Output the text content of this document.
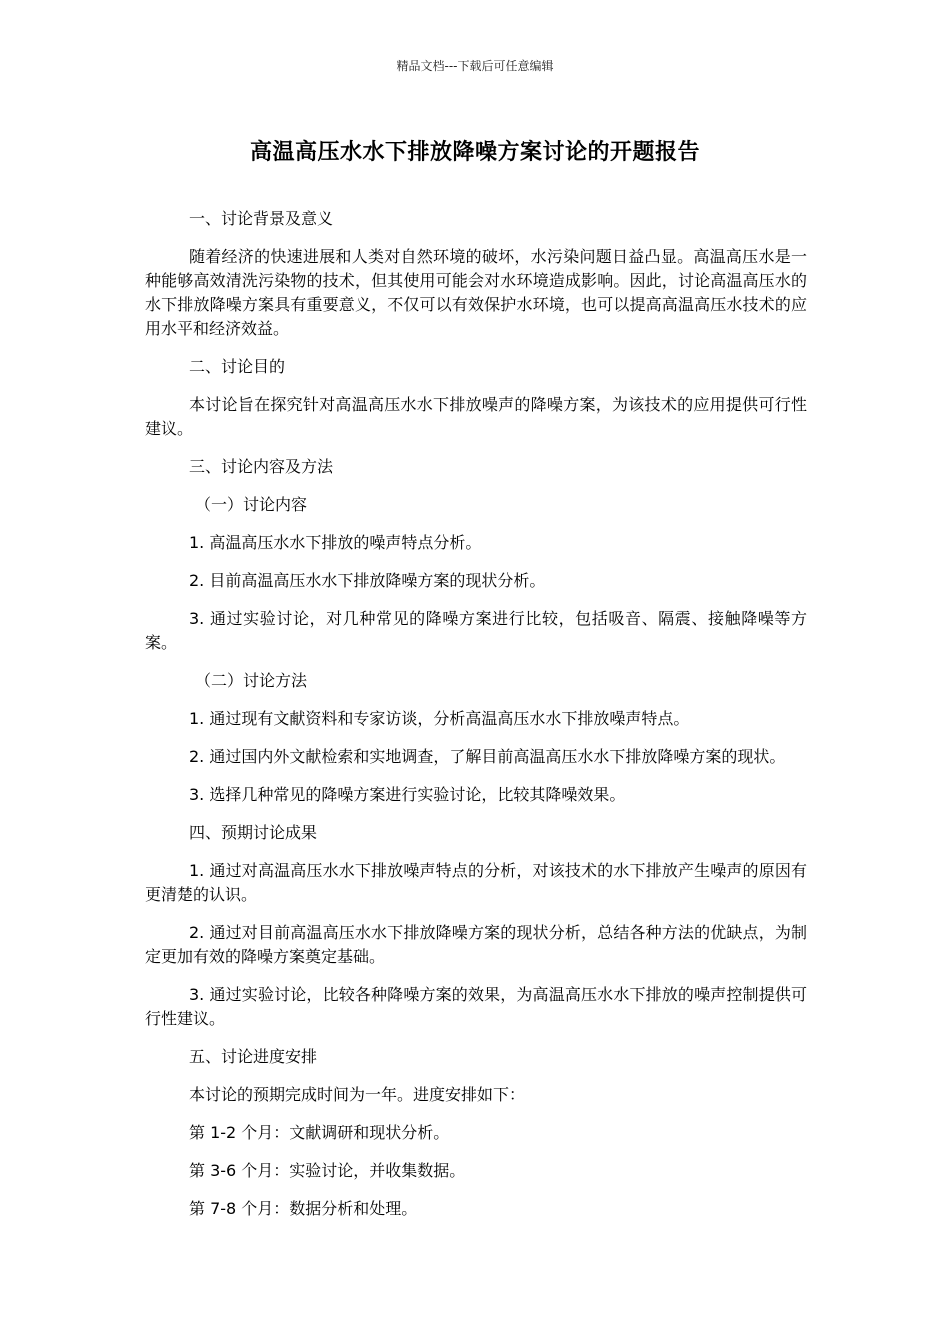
精品文档---下载后可任意编辑
高温高压水水下排放降噪方案讨论的开题报告

一、讨论背景及意义

随着经济的快速进展和人类对自然环境的破坏，水污染问题日益凸显。高温高压水是一种能够高效清洗污染物的技术，但其使用可能会对水环境造成影响。因此，讨论高温高压水的水下排放降噪方案具有重要意义，不仅可以有效保护水环境，也可以提高高温高压水技术的应用水平和经济效益。

二、讨论目的

本讨论旨在探究针对高温高压水水下排放噪声的降噪方案，为该技术的应用提供可行性建议。

三、讨论内容及方法

（一）讨论内容

1. 高温高压水水下排放的噪声特点分析。

2. 目前高温高压水水下排放降噪方案的现状分析。

3. 通过实验讨论，对几种常见的降噪方案进行比较，包括吸音、隔震、接触降噪等方案。

（二）讨论方法

1. 通过现有文献资料和专家访谈，分析高温高压水水下排放噪声特点。

2. 通过国内外文献检索和实地调查，了解目前高温高压水水下排放降噪方案的现状。

3. 选择几种常见的降噪方案进行实验讨论，比较其降噪效果。

四、预期讨论成果

1. 通过对高温高压水水下排放噪声特点的分析，对该技术的水下排放产生噪声的原因有更清楚的认识。

2. 通过对目前高温高压水水下排放降噪方案的现状分析，总结各种方法的优缺点，为制定更加有效的降噪方案奠定基础。

3. 通过实验讨论，比较各种降噪方案的效果，为高温高压水水下排放的噪声控制提供可行性建议。

五、讨论进度安排

本讨论的预期完成时间为一年。进度安排如下：

第 1-2 个月：文献调研和现状分析。

第 3-6 个月：实验讨论，并收集数据。

第 7-8 个月：数据分析和处理。
